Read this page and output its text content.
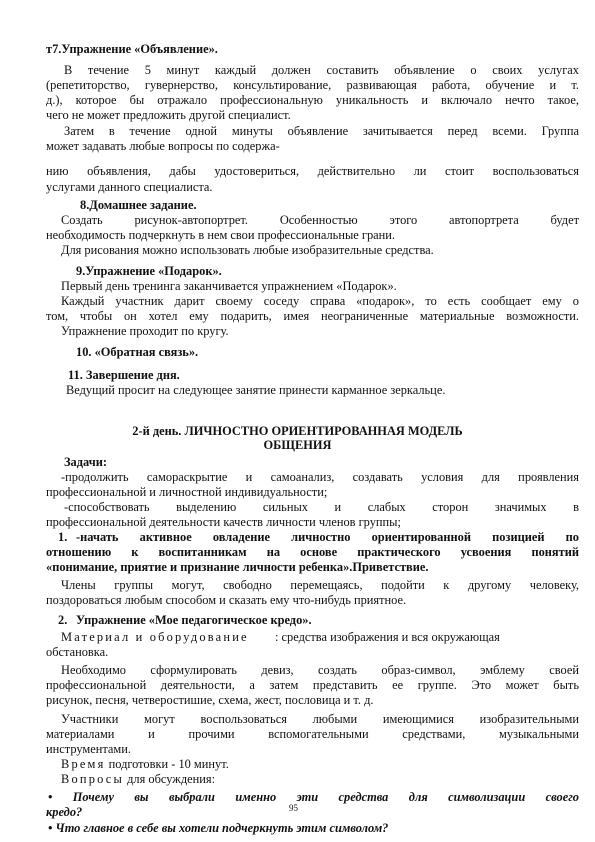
т7.Упражнение «Объявление».
В течение 5 минут каждый должен составить объявление о своих услугах
(репетиторство, гувернерство, консультирование, развивающая работа, обучение и т.
д.), которое бы отражало профессиональную уникальность и включало нечто такое,
чего не может предложить другой специалист.
Затем в течение одной минуты объявление зачитывается перед всеми. Группа
может задавать любые вопросы по содержа-
нию объявления, дабы удостовериться, действительно ли стоит воспользоваться
услугами данного специалиста.
8.Домашнее задание.
Создать рисунок-автопортрет. Особенностью этого автопортрета будет
необходимость подчеркнуть в нем свои профессиональные грани.
Для рисования можно использовать любые изобразительные средства.
9.Упражнение «Подарок».
Первый день тренинга заканчивается упражнением «Подарок».
Каждый участник дарит своему соседу справа «подарок», то есть сообщает ему о
том, чтобы он хотел ему подарить, имея неограниченные материальные возможности.
Упражнение проходит по кругу.
10. «Обратная связь».
11. Завершение дня.
Ведущий просит на следующее занятие принести карманное зеркальце.
2-й день. ЛИЧНОСТНО ОРИЕНТИРОВАННАЯ МОДЕЛЬ
ОБЩЕНИЯ
Задачи:
-продолжить самораскрытие и самоанализ, создавать условия для проявления
профессиональной и личностной индивидуальности;
-способствовать выделению сильных и слабых сторон значимых в
профессиональной деятельности качеств личности членов группы;
1. -начать активное овладение личностно ориентированной позицией по
отношению к воспитанникам на основе практического усвоения понятий
«понимание, приятие и признание личности ребенка».Приветствие.
Члены группы могут, свободно перемещаясь, подойти к другому человеку,
поздороваться любым способом и сказать ему что-нибудь приятное.
2. Упражнение «Мое педагогическое кредо».
Материал и оборудование : средства изображения и вся окружающая
обстановка.
Необходимо сформулировать девиз, создать образ-символ, эмблему своей
профессиональной деятельности, а затем представить ее группе. Это может быть
рисунок, песня, четверостишие, схема, жест, пословица и т. д.
Участники могут воспользоваться любыми имеющимися изобразительными
материалами и прочими вспомогательными средствами, музыкальными
инструментами.
Время подготовки - 10 минут.
Вопросы для обсуждения:
• Почему вы выбрали именно эти средства для символизации своего
кредо?
• Что главное в себе вы хотели подчеркнуть этим символом?
95
